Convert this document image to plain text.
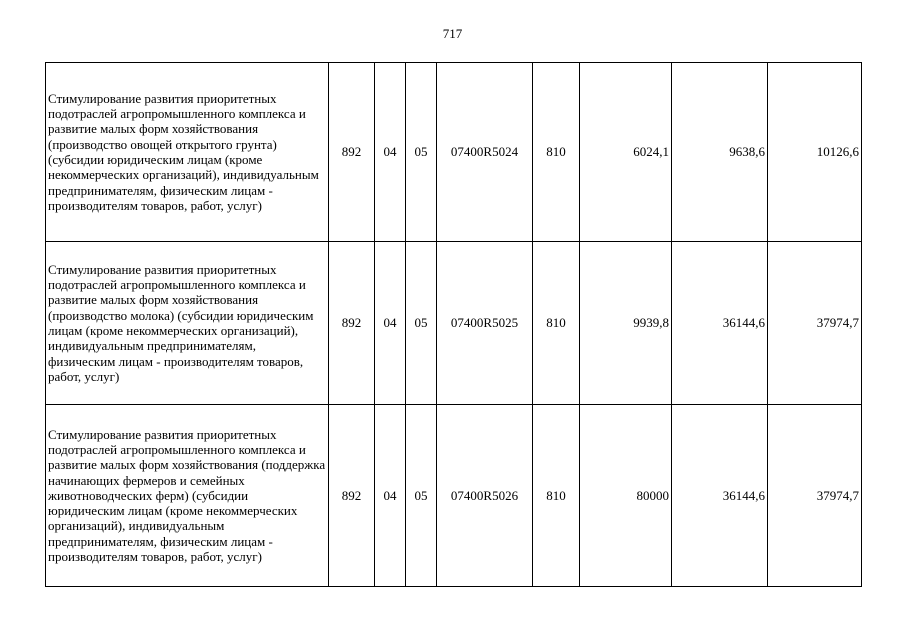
717
Стимулирование развития приоритетных подотраслей агропромышленного комплекса и развитие малых форм хозяйствования (производство овощей открытого грунта) (субсидии юридическим лицам (кроме некоммерческих организаций), индивидуальным предпринимателям, физическим лицам - производителям товаров, работ, услуг)	892	04	05	07400R5024	810	6024,1	9638,6	10126,6
Стимулирование развития приоритетных подотраслей агропромышленного комплекса и развитие малых форм хозяйствования (производство молока) (субсидии юридическим лицам (кроме некоммерческих организаций), индивидуальным предпринимателям, физическим лицам - производителям товаров, работ, услуг)	892	04	05	07400R5025	810	9939,8	36144,6	37974,7
Стимулирование развития приоритетных подотраслей агропромышленного комплекса и развитие малых форм хозяйствования (поддержка начинающих фермеров и семейных животноводческих ферм) (субсидии юридическим лицам (кроме некоммерческих организаций), индивидуальным предпринимателям, физическим лицам - производителям товаров, работ, услуг)	892	04	05	07400R5026	810	80000	36144,6	37974,7
